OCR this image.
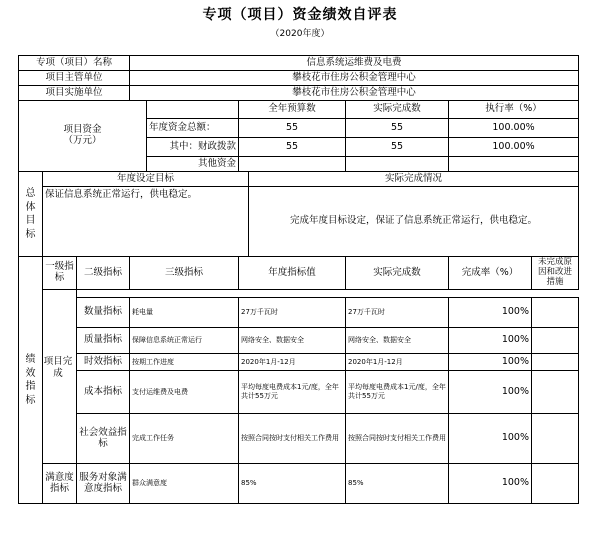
专项（项目）资金绩效自评表
（2020年度）
专项（项目）名称			信息系统运维费及电费						
项目主管单位			攀枝花市住房公积金管理中心						
项目实施单位			攀枝花市住房公积金管理中心						

项目资金
（万元）					全年预算数		实际完成数	执行率（%）	
				年度资金总额：	55		55	100.00%	
				其中：财政拨款	55		55	100.00%	
				其他资金					

总
体
目
标	年度设定目标					实际完成情况			
	保证信息系统正常运行，供电稳定。					完成年度目标设定，保证了信息系统正常运行，供电稳定。			

绩
效
指
标	一级指标	二级指标	三级指标		年度指标值		实际完成数	完成率（%）	未完成原因和改进措施

		数量指标	耗电量		27万千瓦时		27万千瓦时	100%	
		质量指标	保障信息系统正常运行		网络安全、数据安全		网络安全、数据安全	100%	
		时效指标	按期工作进度		2020年1月-12月		2020年1月-12月	100%	
		成本指标	支付运维费及电费		平均每度电费成本1元/度，全年共计55万元		平均每度电费成本1元/度，全年共计55万元	100%	
		社会效益指标	完成工作任务		按照合同按时支付相关工作费用		按照合同按时支付相关工作费用	100%	
	满意度指标	服务对象满意度指标	群众满意度		85%		85%	100%	
项目完成
